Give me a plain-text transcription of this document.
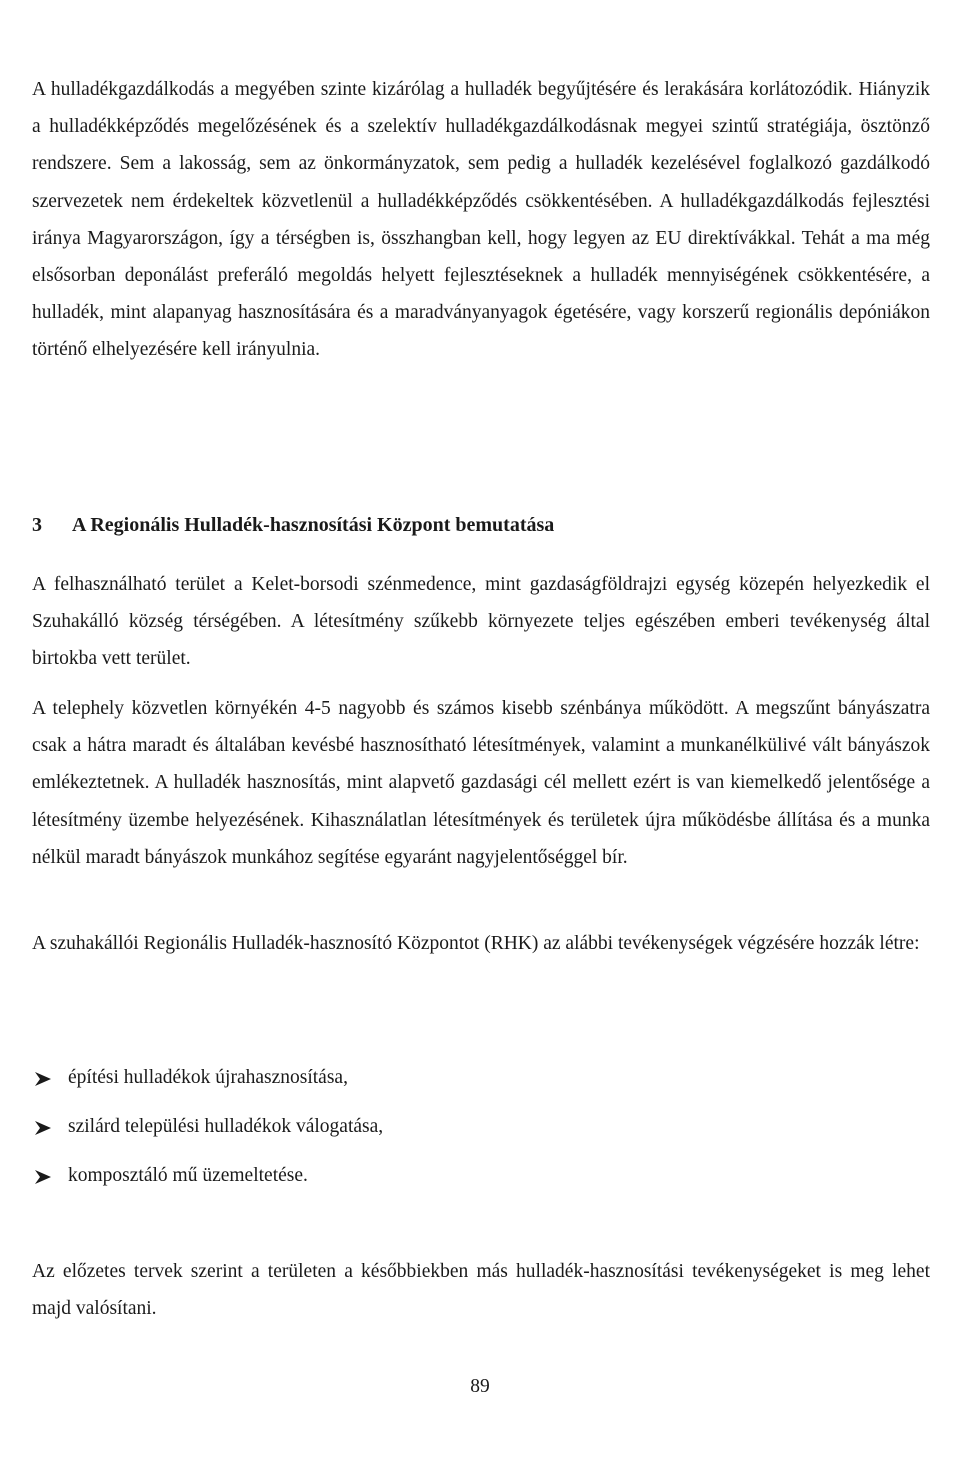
A hulladékgazdálkodás a megyében szinte kizárólag a hulladék begyűjtésére és lerakására korlátozódik. Hiányzik a hulladékképződés megelőzésének és a szelektív hulladékgazdálkodásnak megyei szintű stratégiája, ösztönző rendszere. Sem a lakosság, sem az önkormányzatok, sem pedig a hulladék kezelésével foglalkozó gazdálkodó szervezetek nem érdekeltek közvetlenül a hulladékképződés csökkentésében. A hulladékgazdálkodás fejlesztési iránya Magyarországon, így a térségben is, összhangban kell, hogy legyen az EU direktívákkal. Tehát a ma még elsősorban deponálást preferáló megoldás helyett fejlesztéseknek a hulladék mennyiségének csökkentésére, a hulladék, mint alapanyag hasznosítására és a maradványanyagok égetésére, vagy korszerű regionális depóniákon történő elhelyezésére kell irányulnia.

3 A Regionális Hulladék-hasznosítási Központ bemutatása

A felhasználható terület a Kelet-borsodi szénmedence, mint gazdaságföldrajzi egység közepén helyezkedik el Szuhakálló község térségében. A létesítmény szűkebb környezete teljes egészében emberi tevékenység által birtokba vett terület.

A telephely közvetlen környékén 4-5 nagyobb és számos kisebb szénbánya működött. A megszűnt bányászatra csak a hátra maradt és általában kevésbé hasznosítható létesítmények, valamint a munkanélkülivé vált bányászok emlékeztetnek. A hulladék hasznosítás, mint alapvető gazdasági cél mellett ezért is van kiemelkedő jelentősége a létesítmény üzembe helyezésének. Kihasználatlan létesítmények és területek újra működésbe állítása és a munka nélkül maradt bányászok munkához segítése egyaránt nagyjelentőséggel bír.

A szuhakállói Regionális Hulladék-hasznosító Központot (RHK) az alábbi tevékenységek végzésére hozzák létre:

építési hulladékok újrahasznosítása,
szilárd települési hulladékok válogatása,
komposztáló mű üzemeltetése.

Az előzetes tervek szerint a területen a későbbiekben más hulladék-hasznosítási tevékenységeket is meg lehet majd valósítani.

89
